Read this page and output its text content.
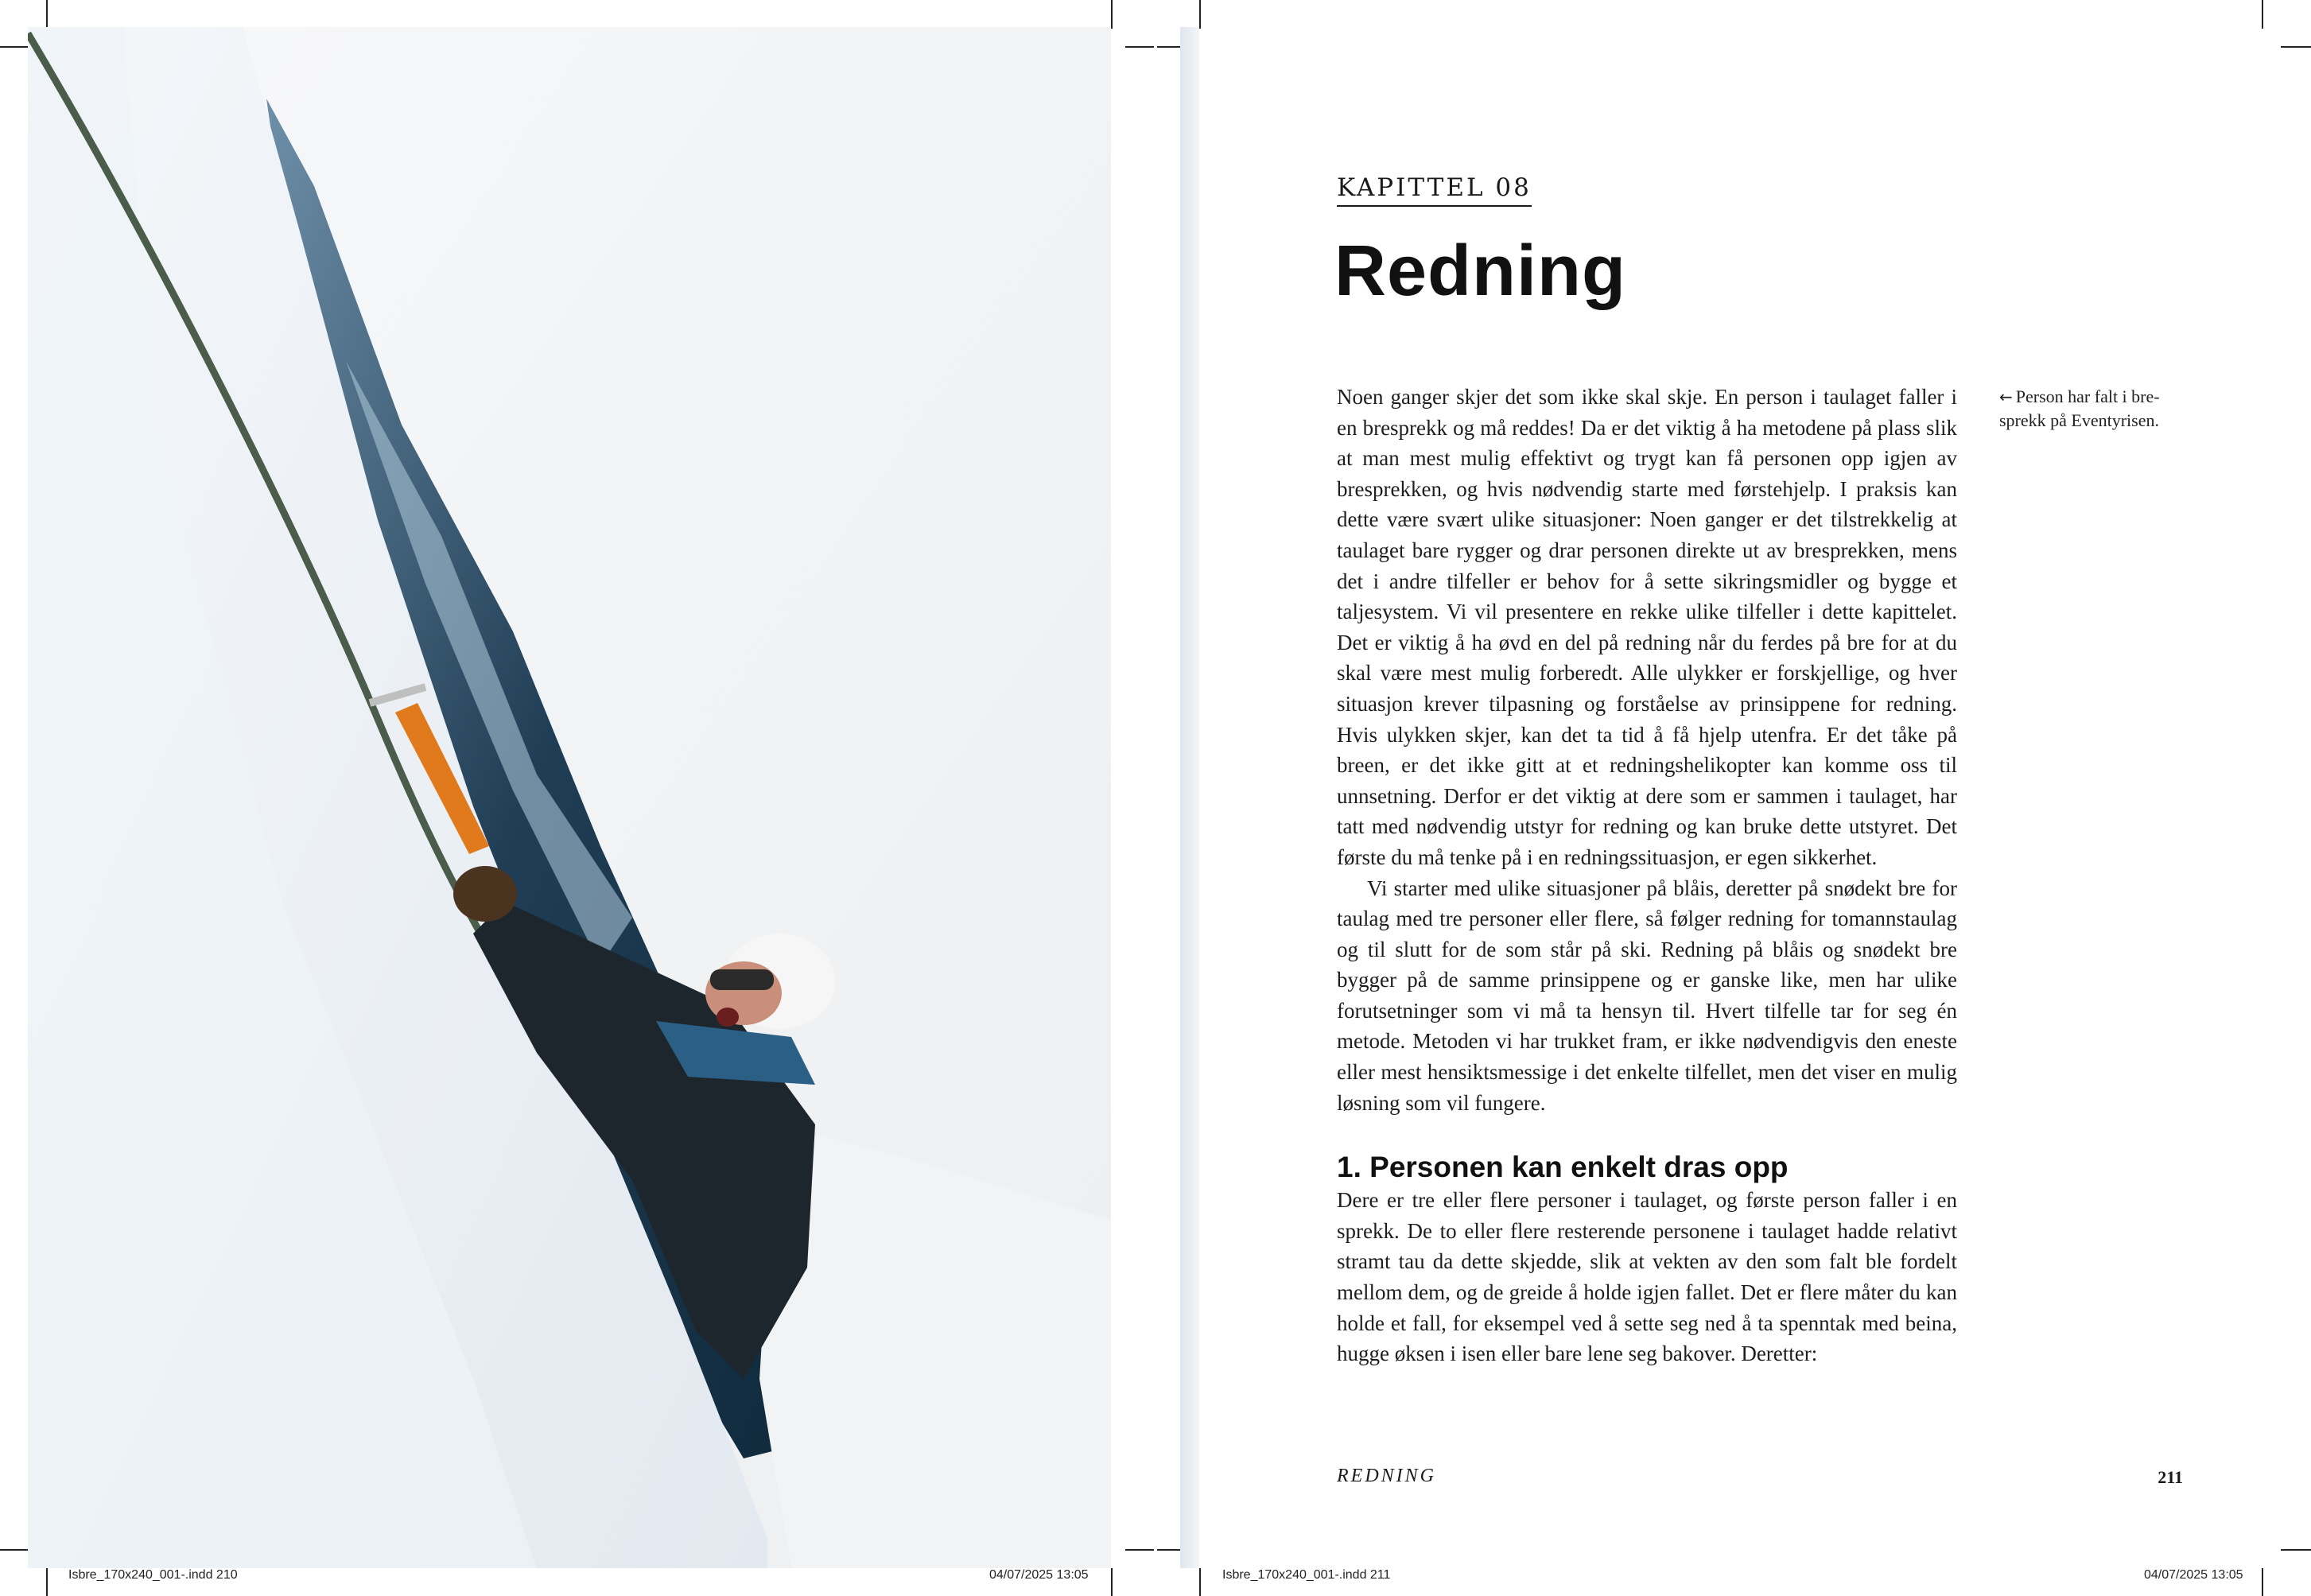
KAPITTEL 08
Redning
← Person har falt i bresprekk på Eventyrisen.

Noen ganger skjer det som ikke skal skje. En person i taulaget faller i en bresprekk og må reddes! Da er det viktig å ha metodene på plass slik at man mest mulig effektivt og trygt kan få personen opp igjen av bresprekken, og hvis nødvendig starte med førstehjelp. I praksis kan dette være svært ulike situasjoner: Noen ganger er det tilstrekkelig at taulaget bare rygger og drar personen direkte ut av bresprekken, mens det i andre tilfeller er behov for å sette sikringsmidler og bygge et taljesystem. Vi vil presentere en rekke ulike tilfeller i dette kapittelet. Det er viktig å ha øvd en del på redning når du ferdes på bre for at du skal være mest mulig forberedt. Alle ulykker er forskjellige, og hver situasjon krever tilpasning og forståelse av prinsippene for redning. Hvis ulykken skjer, kan det ta tid å få hjelp utenfra. Er det tåke på breen, er det ikke gitt at et redningshelikopter kan komme oss til unnsetning. Derfor er det viktig at dere som er sammen i taulaget, har tatt med nødvendig utstyr for redning og kan bruke dette utstyret. Det første du må tenke på i en redningssituasjon, er egen sikkerhet.

Vi starter med ulike situasjoner på blåis, deretter på snødekt bre for taulag med tre personer eller flere, så følger redning for tomannstaulag og til slutt for de som står på ski. Redning på blåis og snødekt bre bygger på de samme prinsippene og er ganske like, men har ulike forutsetninger som vi må ta hensyn til. Hvert tilfelle tar for seg én metode. Metoden vi har trukket fram, er ikke nødvendigvis den eneste eller mest hensiktsmessige i det enkelte tilfellet, men det viser en mulig løsning som vil fungere.

1. Personen kan enkelt dras opp

Dere er tre eller flere personer i taulaget, og første person faller i en sprekk. De to eller flere resterende personene i taulaget hadde relativt stramt tau da dette skjedde, slik at vekten av den som falt ble fordelt mellom dem, og de greide å holde igjen fallet. Det er flere måter du kan holde et fall, for eksempel ved å sette seg ned å ta spenntak med beina, hugge øksen i isen eller bare lene seg bakover. Deretter:

REDNING	211
Isbre_170x240_001-.indd 210	04/07/2025 13:05	Isbre_170x240_001-.indd 211	04/07/2025 13:05
